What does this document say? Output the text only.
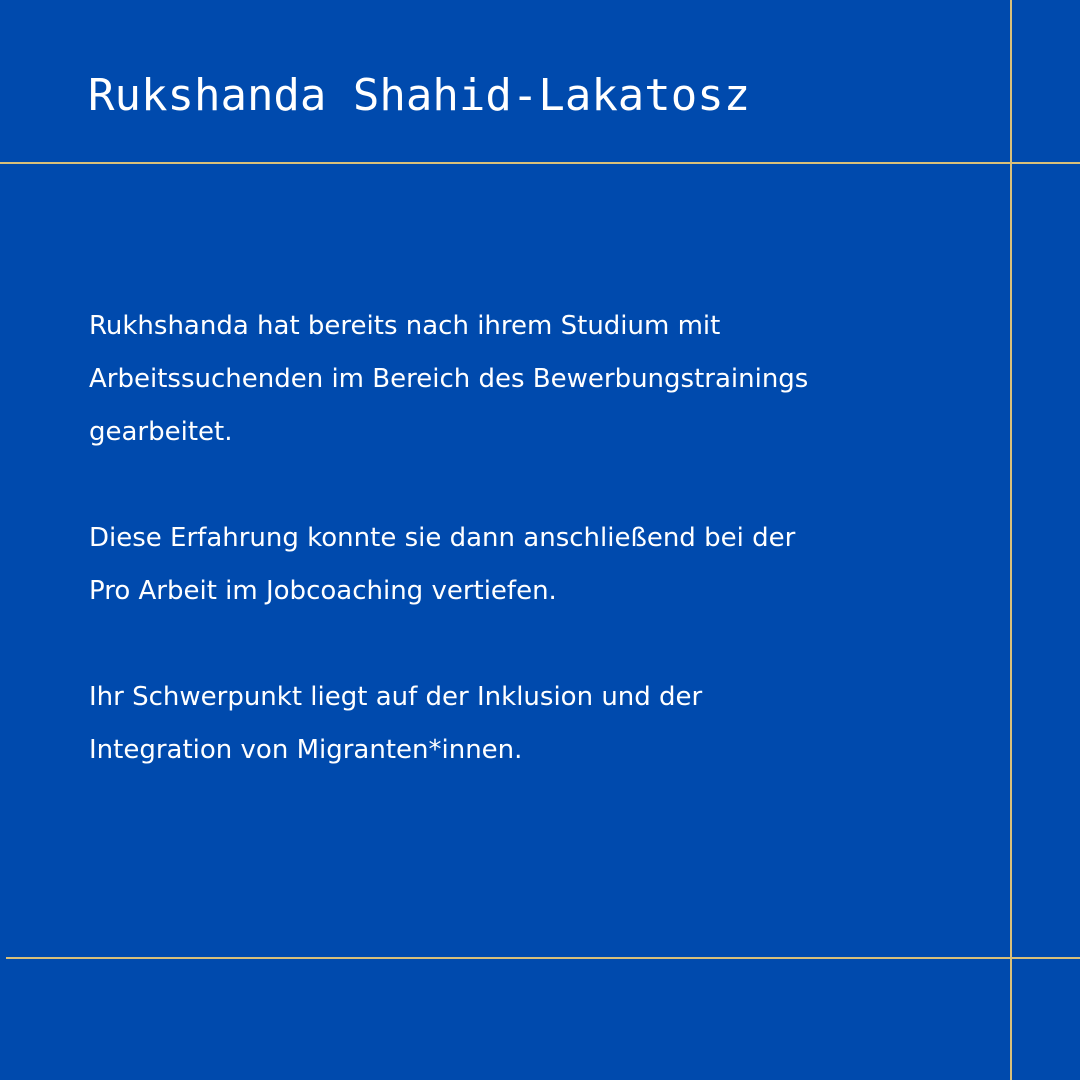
Rukshanda Shahid-Lakatosz

Rukhshanda hat bereits nach ihrem Studium mit
Arbeitssuchenden im Bereich des Bewerbungstrainings
gearbeitet.

Diese Erfahrung konnte sie dann anschließend bei der
Pro Arbeit im Jobcoaching vertiefen.

Ihr Schwerpunkt liegt auf der Inklusion und der
Integration von Migranten*innen.
